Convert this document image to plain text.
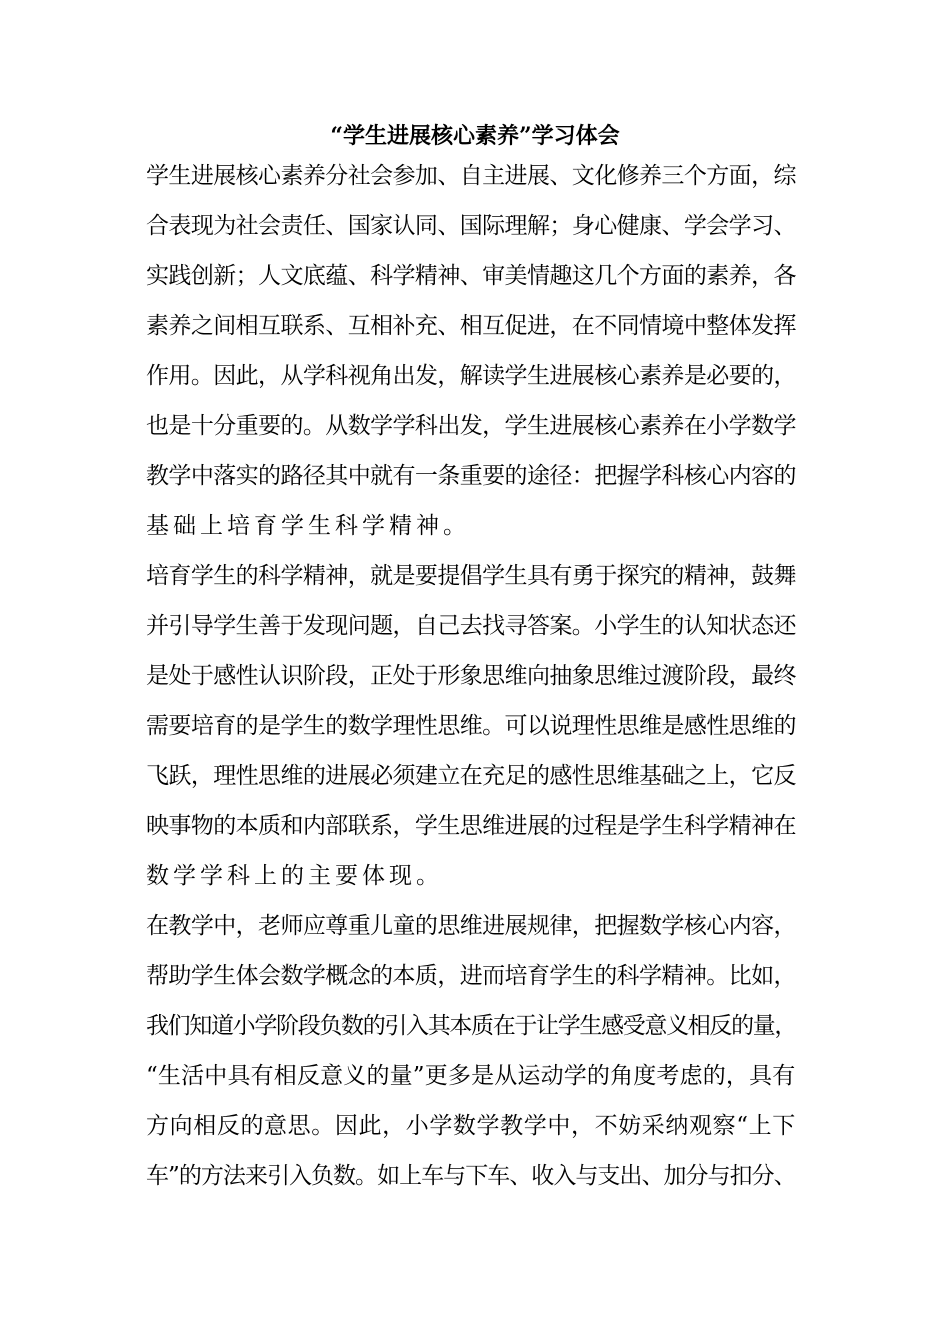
“学生进展核心素养”学习体会
学生进展核心素养分社会参加、自主进展、文化修养三个方面，综
合表现为社会责任、国家认同、国际理解；身心健康、学会学习、
实践创新；人文底蕴、科学精神、审美情趣这几个方面的素养，各
素养之间相互联系、互相补充、相互促进，在不同情境中整体发挥
作用。因此，从学科视角出发，解读学生进展核心素养是必要的，
也是十分重要的。从数学学科出发，学生进展核心素养在小学数学
教学中落实的路径其中就有一条重要的途径：把握学科核心内容的
基础上培育学生科学精神。
培育学生的科学精神，就是要提倡学生具有勇于探究的精神，鼓舞
并引导学生善于发现问题，自己去找寻答案。小学生的认知状态还
是处于感性认识阶段，正处于形象思维向抽象思维过渡阶段，最终
需要培育的是学生的数学理性思维。可以说理性思维是感性思维的
飞跃，理性思维的进展必须建立在充足的感性思维基础之上，它反
映事物的本质和内部联系，学生思维进展的过程是学生科学精神在
数学学科上的主要体现。
在教学中，老师应尊重儿童的思维进展规律，把握数学核心内容，
帮助学生体会数学概念的本质，进而培育学生的科学精神。比如，
我们知道小学阶段负数的引入其本质在于让学生感受意义相反的量，
“生活中具有相反意义的量”更多是从运动学的角度考虑的，具有
方向相反的意思。因此，小学数学教学中，不妨采纳观察“上下
车”的方法来引入负数。如上车与下车、收入与支出、加分与扣分、
